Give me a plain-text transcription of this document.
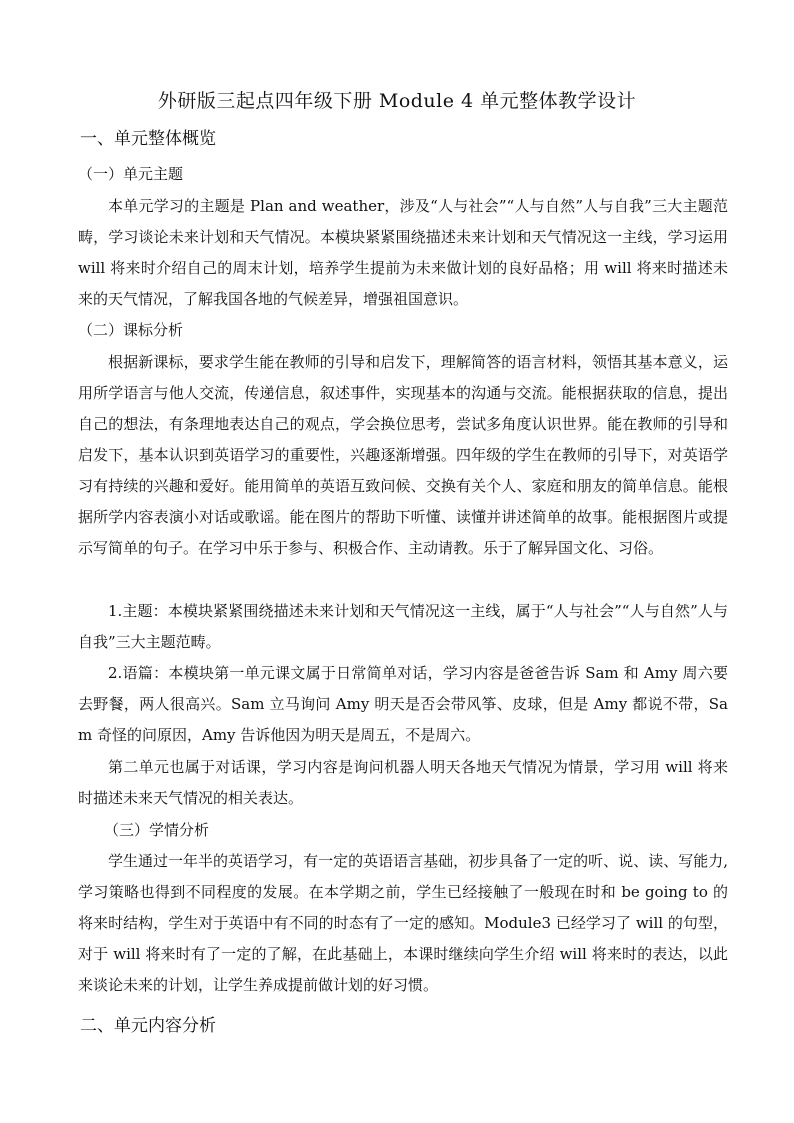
外研版三起点四年级下册 Module 4 单元整体教学设计
一、单元整体概览
（一）单元主题
本单元学习的主题是 Plan and weather，涉及“人与社会”“人与自然”人与自我”三大主题范畴，学习谈论未来计划和天气情况。本模块紧紧围绕描述未来计划和天气情况这一主线，学习运用 will 将来时介绍自己的周末计划，培养学生提前为未来做计划的良好品格；用 will 将来时描述未来的天气情况，了解我国各地的气候差异，增强祖国意识。
（二）课标分析
根据新课标，要求学生能在教师的引导和启发下，理解简答的语言材料，领悟其基本意义，运用所学语言与他人交流，传递信息，叙述事件，实现基本的沟通与交流。能根据获取的信息，提出自己的想法，有条理地表达自己的观点，学会换位思考，尝试多角度认识世界。能在教师的引导和启发下，基本认识到英语学习的重要性，兴趣逐渐增强。四年级的学生在教师的引导下，对英语学习有持续的兴趣和爱好。能用简单的英语互致问候、交换有关个人、家庭和朋友的简单信息。能根据所学内容表演小对话或歌谣。能在图片的帮助下听懂、读懂并讲述简单的故事。能根据图片或提示写简单的句子。在学习中乐于参与、积极合作、主动请教。乐于了解异国文化、习俗。
1.主题：本模块紧紧围绕描述未来计划和天气情况这一主线，属于“人与社会”“人与自然”人与自我”三大主题范畴。
2.语篇：本模块第一单元课文属于日常简单对话，学习内容是爸爸告诉 Sam 和 Amy 周六要去野餐，两人很高兴。Sam 立马询问 Amy 明天是否会带风筝、皮球，但是 Amy 都说不带，Sam 奇怪的问原因，Amy 告诉他因为明天是周五，不是周六。
第二单元也属于对话课，学习内容是询问机器人明天各地天气情况为情景，学习用 will 将来时描述未来天气情况的相关表达。
（三）学情分析
学生通过一年半的英语学习，有一定的英语语言基础，初步具备了一定的听、说、读、写能力,学习策略也得到不同程度的发展。在本学期之前，学生已经接触了一般现在时和 be going to 的将来时结构，学生对于英语中有不同的时态有了一定的感知。Module3 已经学习了 will 的句型，对于 will 将来时有了一定的了解，在此基础上，本课时继续向学生介绍 will 将来时的表达，以此来谈论未来的计划，让学生养成提前做计划的好习惯。
二、单元内容分析
